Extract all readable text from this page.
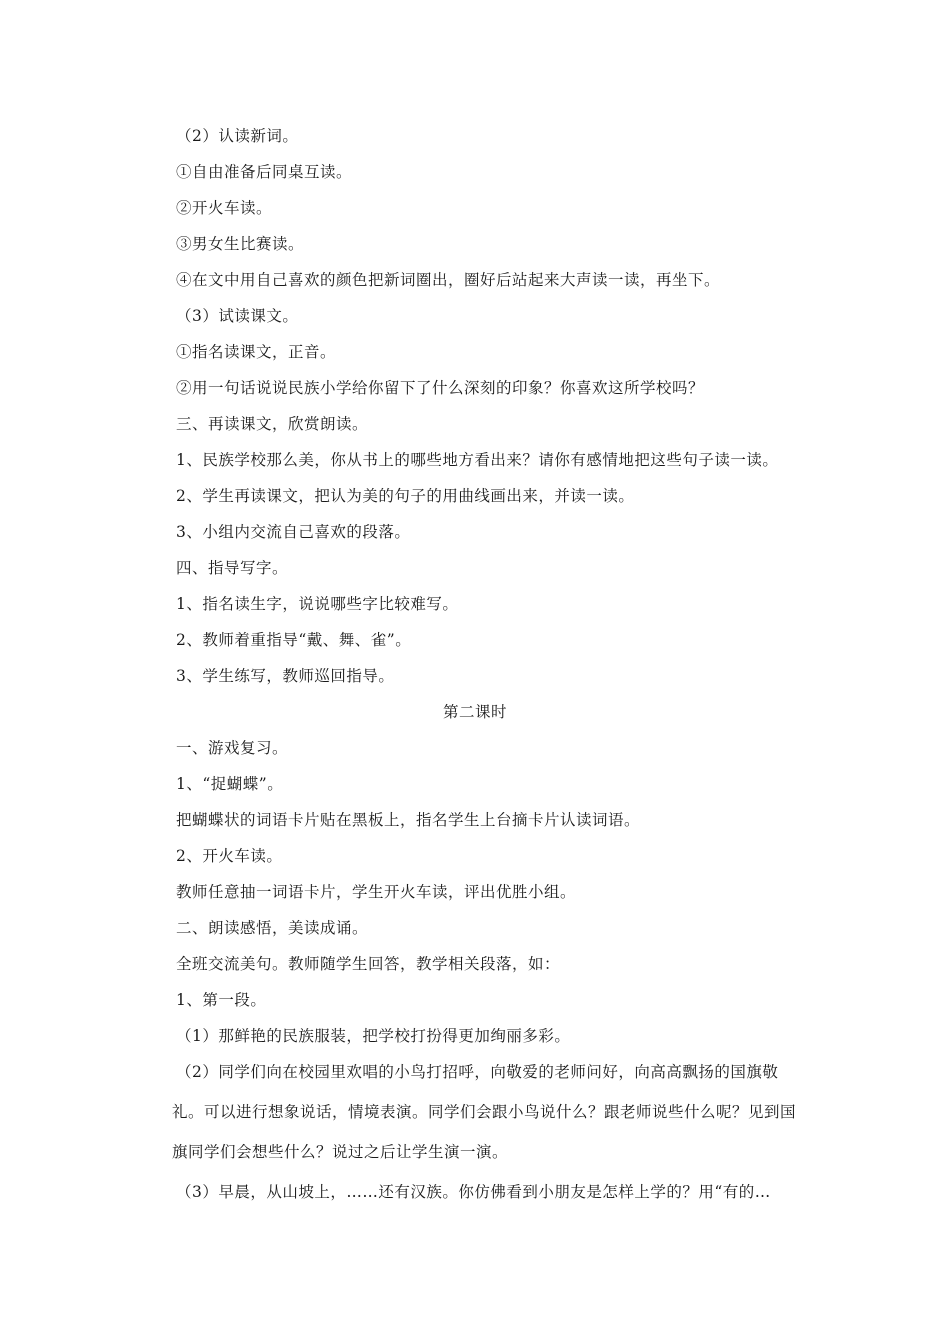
（2）认读新词。
①自由准备后同桌互读。
②开火车读。
③男女生比赛读。
④在文中用自己喜欢的颜色把新词圈出，圈好后站起来大声读一读，再坐下。
（3）试读课文。
①指名读课文，正音。
②用一句话说说民族小学给你留下了什么深刻的印象？你喜欢这所学校吗？
三、再读课文，欣赏朗读。
1、民族学校那么美，你从书上的哪些地方看出来？请你有感情地把这些句子读一读。
2、学生再读课文，把认为美的句子的用曲线画出来，并读一读。
3、小组内交流自己喜欢的段落。
四、指导写字。
1、指名读生字，说说哪些字比较难写。
2、教师着重指导“戴、舞、雀”。
3、学生练写，教师巡回指导。
第二课时
一、游戏复习。
1、“捉蝴蝶”。
把蝴蝶状的词语卡片贴在黑板上，指名学生上台摘卡片认读词语。
2、开火车读。
教师任意抽一词语卡片，学生开火车读，评出优胜小组。
二、朗读感悟，美读成诵。
全班交流美句。教师随学生回答，教学相关段落，如：
1、第一段。
（1）那鲜艳的民族服装，把学校打扮得更加绚丽多彩。
（2）同学们向在校园里欢唱的小鸟打招呼，向敬爱的老师问好，向高高飘扬的国旗敬
礼。可以进行想象说话，情境表演。同学们会跟小鸟说什么？跟老师说些什么呢？见到国
旗同学们会想些什么？说过之后让学生演一演。
（3）早晨，从山坡上，……还有汉族。你仿佛看到小朋友是怎样上学的？用“有的…
